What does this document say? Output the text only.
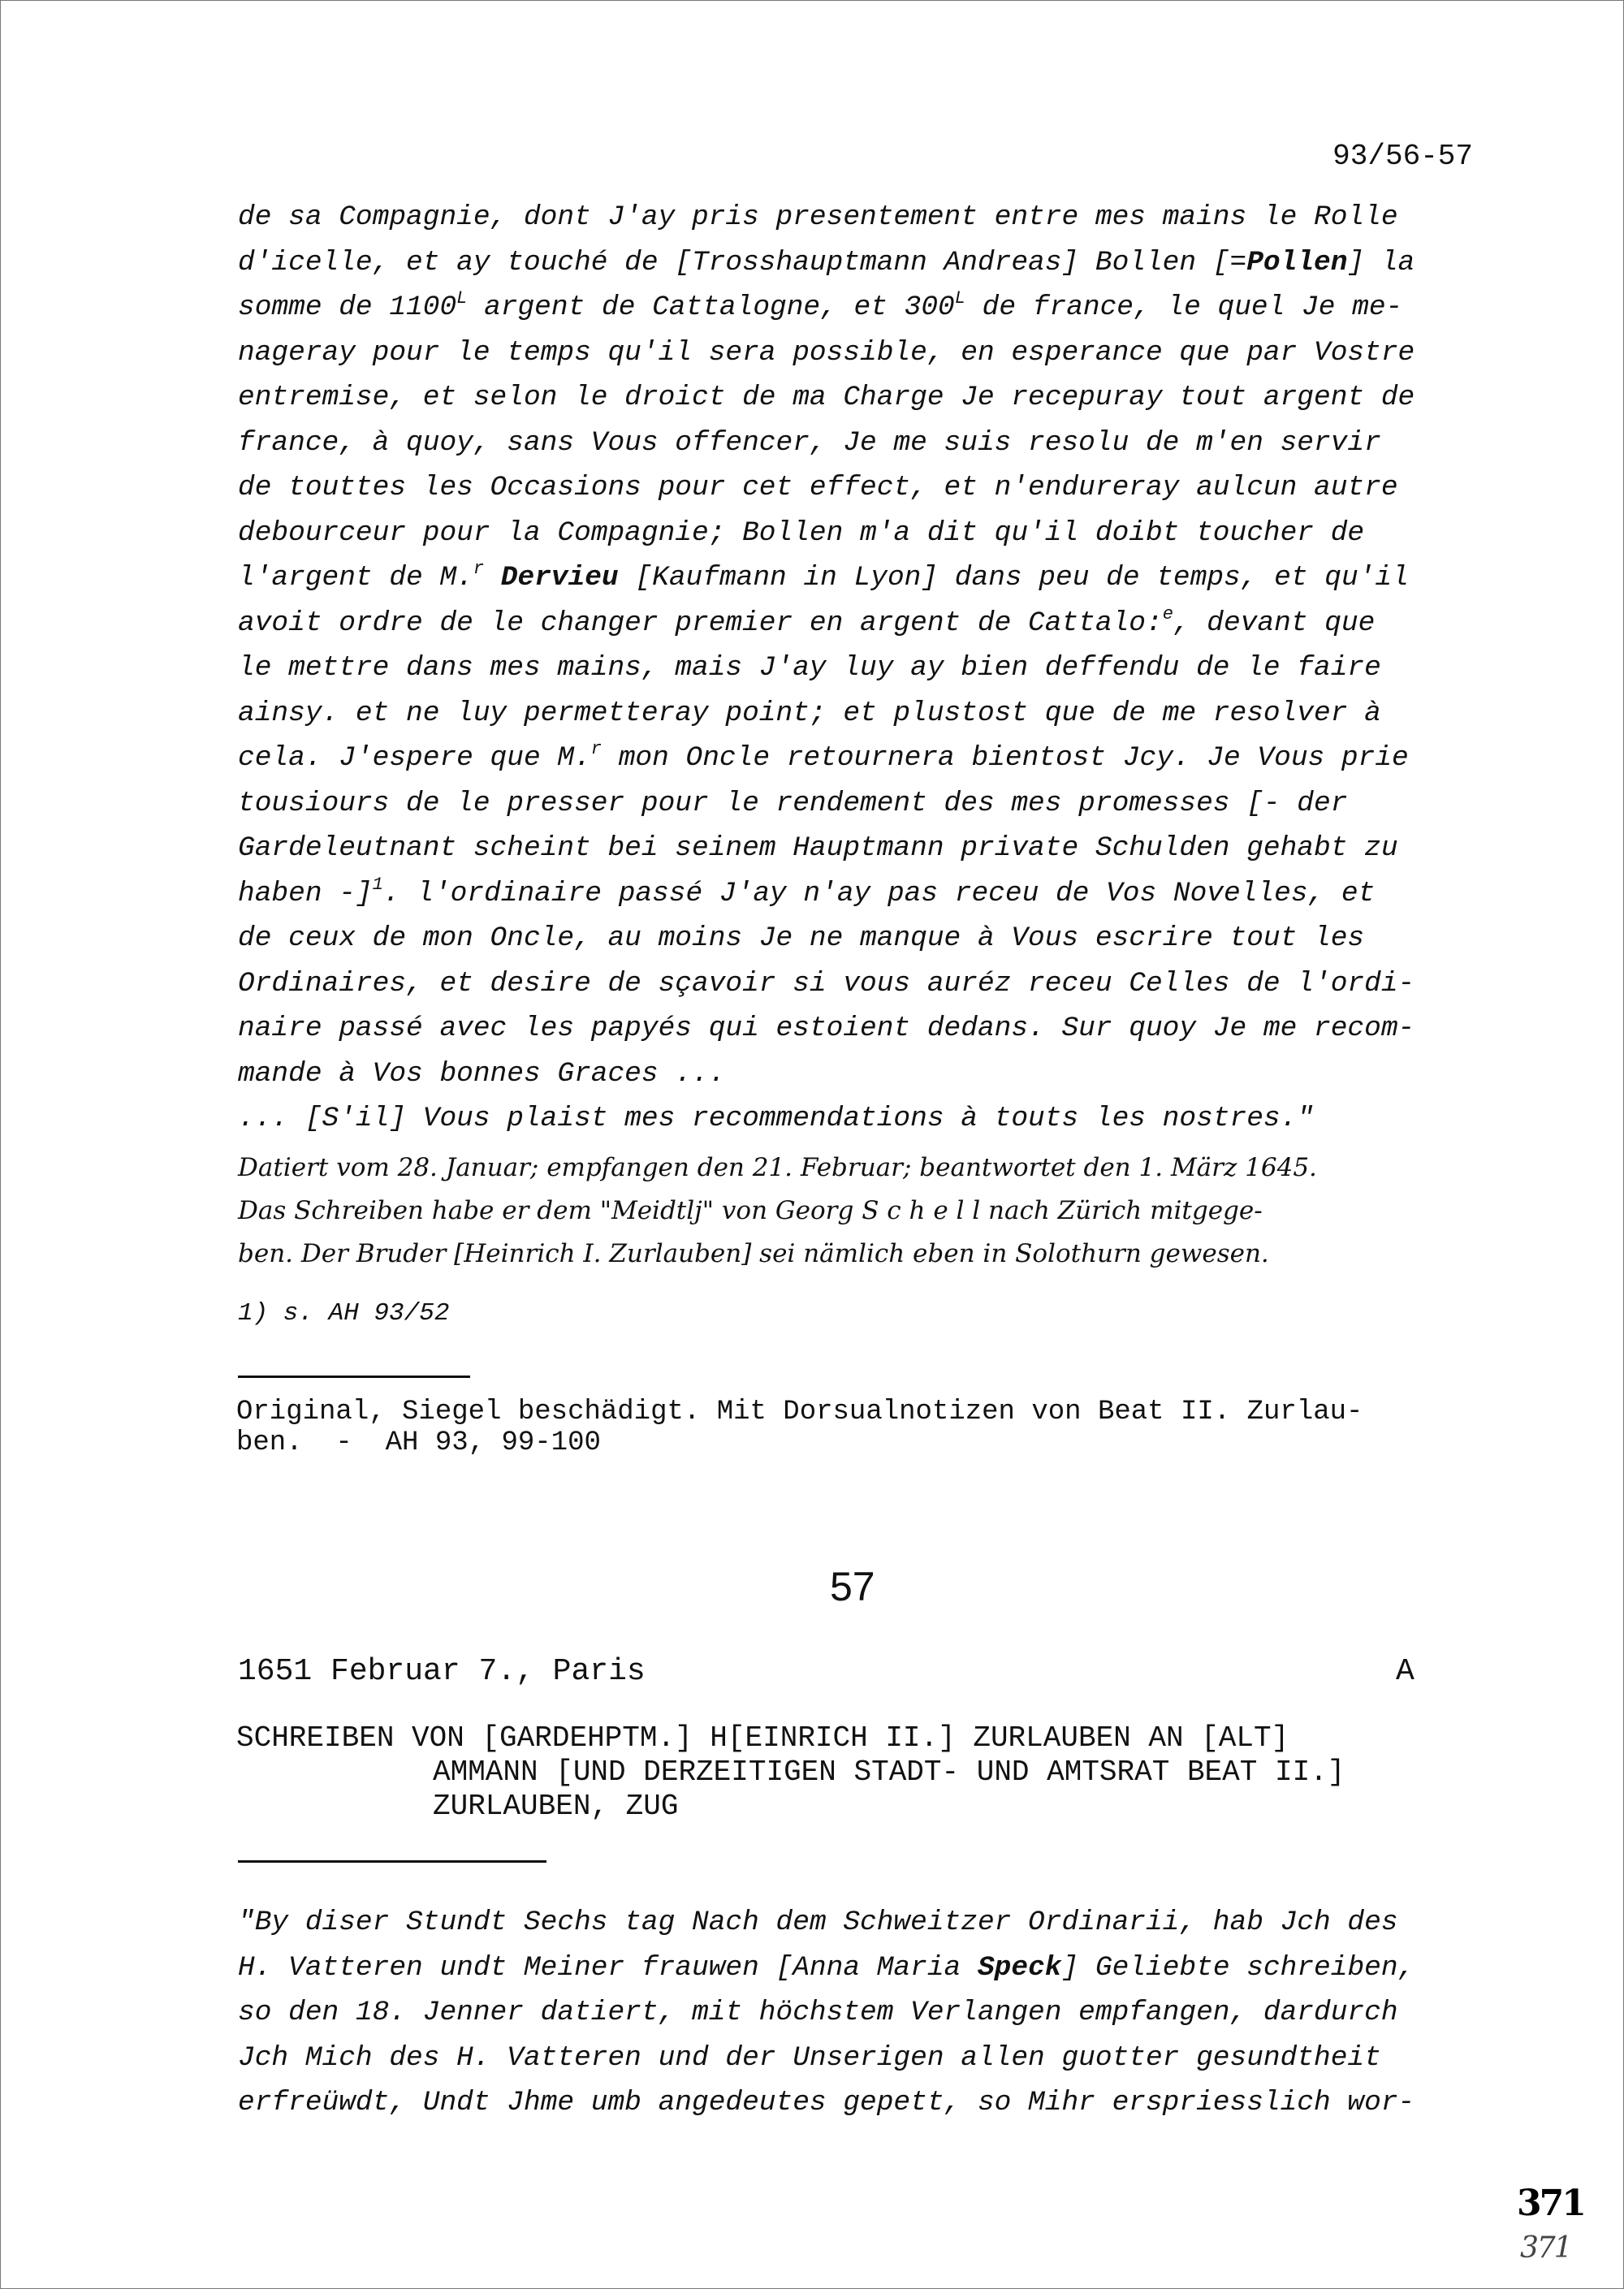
93/56-57
de sa Compagnie, dont J'ay pris presentement entre mes mains le Rolle
d'icelle, et ay touché de [Trosshauptmann Andreas] Bollen [=Pollen] la
somme de $1100^L$ argent de Cattalogne, et $300^L$ de france, le quel Je me-
nageray pour le temps qu'il sera possible, en esperance que par Vostre
entremise, et selon le droict de ma Charge Je recepuray tout argent de
france, à quoy, sans Vous offencer, Je me suis resolu de m'en servir
de touttes les Occasions pour cet effect, et n'endureray aulcun autre
debourceur pour la Compagnie; Bollen m'a dit qu'il doibt toucher de
l'argent de M.$^r$ Dervieu [Kaufmann in Lyon] dans peu de temps, et qu'il
avoit ordre de le changer premier en argent de Cattalo:$^e$, devant que
le mettre dans mes mains, mais J'ay luy ay bien deffendu de le faire
ainsy. et ne luy permetteray point; et plustost que de me resolver à
cela. J'espere que M.$^r$ mon Oncle retournera bientost Jcy. Je Vous prie
tousiours de le presser pour le rendement des mes promesses [- der
Gardeleutnant scheint bei seinem Hauptmann private Schulden gehabt zu
haben -]$^1$. l'ordinaire passé J'ay n'ay pas receu de Vos Novelles, et
de ceux de mon Oncle, au moins Je ne manque à Vous escrire tout les
Ordinaires, et desire de sçavoir si vous auréz receu Celles de l'ordi-
naire passé avec les papyés qui estoient dedans. Sur quoy Je me recom-
mande à Vos bonnes Graces ...
... [S'il] Vous plaist mes recommendations à touts les nostres."
Datiert vom 28. Januar; empfangen den 21. Februar; beantwortet den 1. März 1645.
Das Schreiben habe er dem "Meidtlj" von Georg S c h e l l nach Zürich mitgege-
ben. Der Bruder [Heinrich I. Zurlauben] sei nämlich eben in Solothurn gewesen.
1) s. AH 93/52
Original, Siegel beschädigt. Mit Dorsualnotizen von Beat II. Zurlau-
ben.  -  AH 93, 99-100
57
1651 Februar 7., Paris	A
SCHREIBEN VON [GARDEHPTM.] H[EINRICH II.] ZURLAUBEN AN [ALT]
AMMANN [UND DERZEITIGEN STADT- UND AMTSRAT BEAT II.]
ZURLAUBEN, ZUG
"By diser Stundt Sechs tag Nach dem Schweitzer Ordinarii, hab Jch des
H. Vatteren undt Meiner frauwen [Anna Maria Speck] Geliebte schreiben,
so den 18. Jenner datiert, mit höchstem Verlangen empfangen, dardurch
Jch Mich des H. Vatteren und der Unserigen allen guotter gesundtheit
erfreüwdt, Undt Jhme umb angedeutes gepett, so Mihr erspriesslich wor-
371
371
